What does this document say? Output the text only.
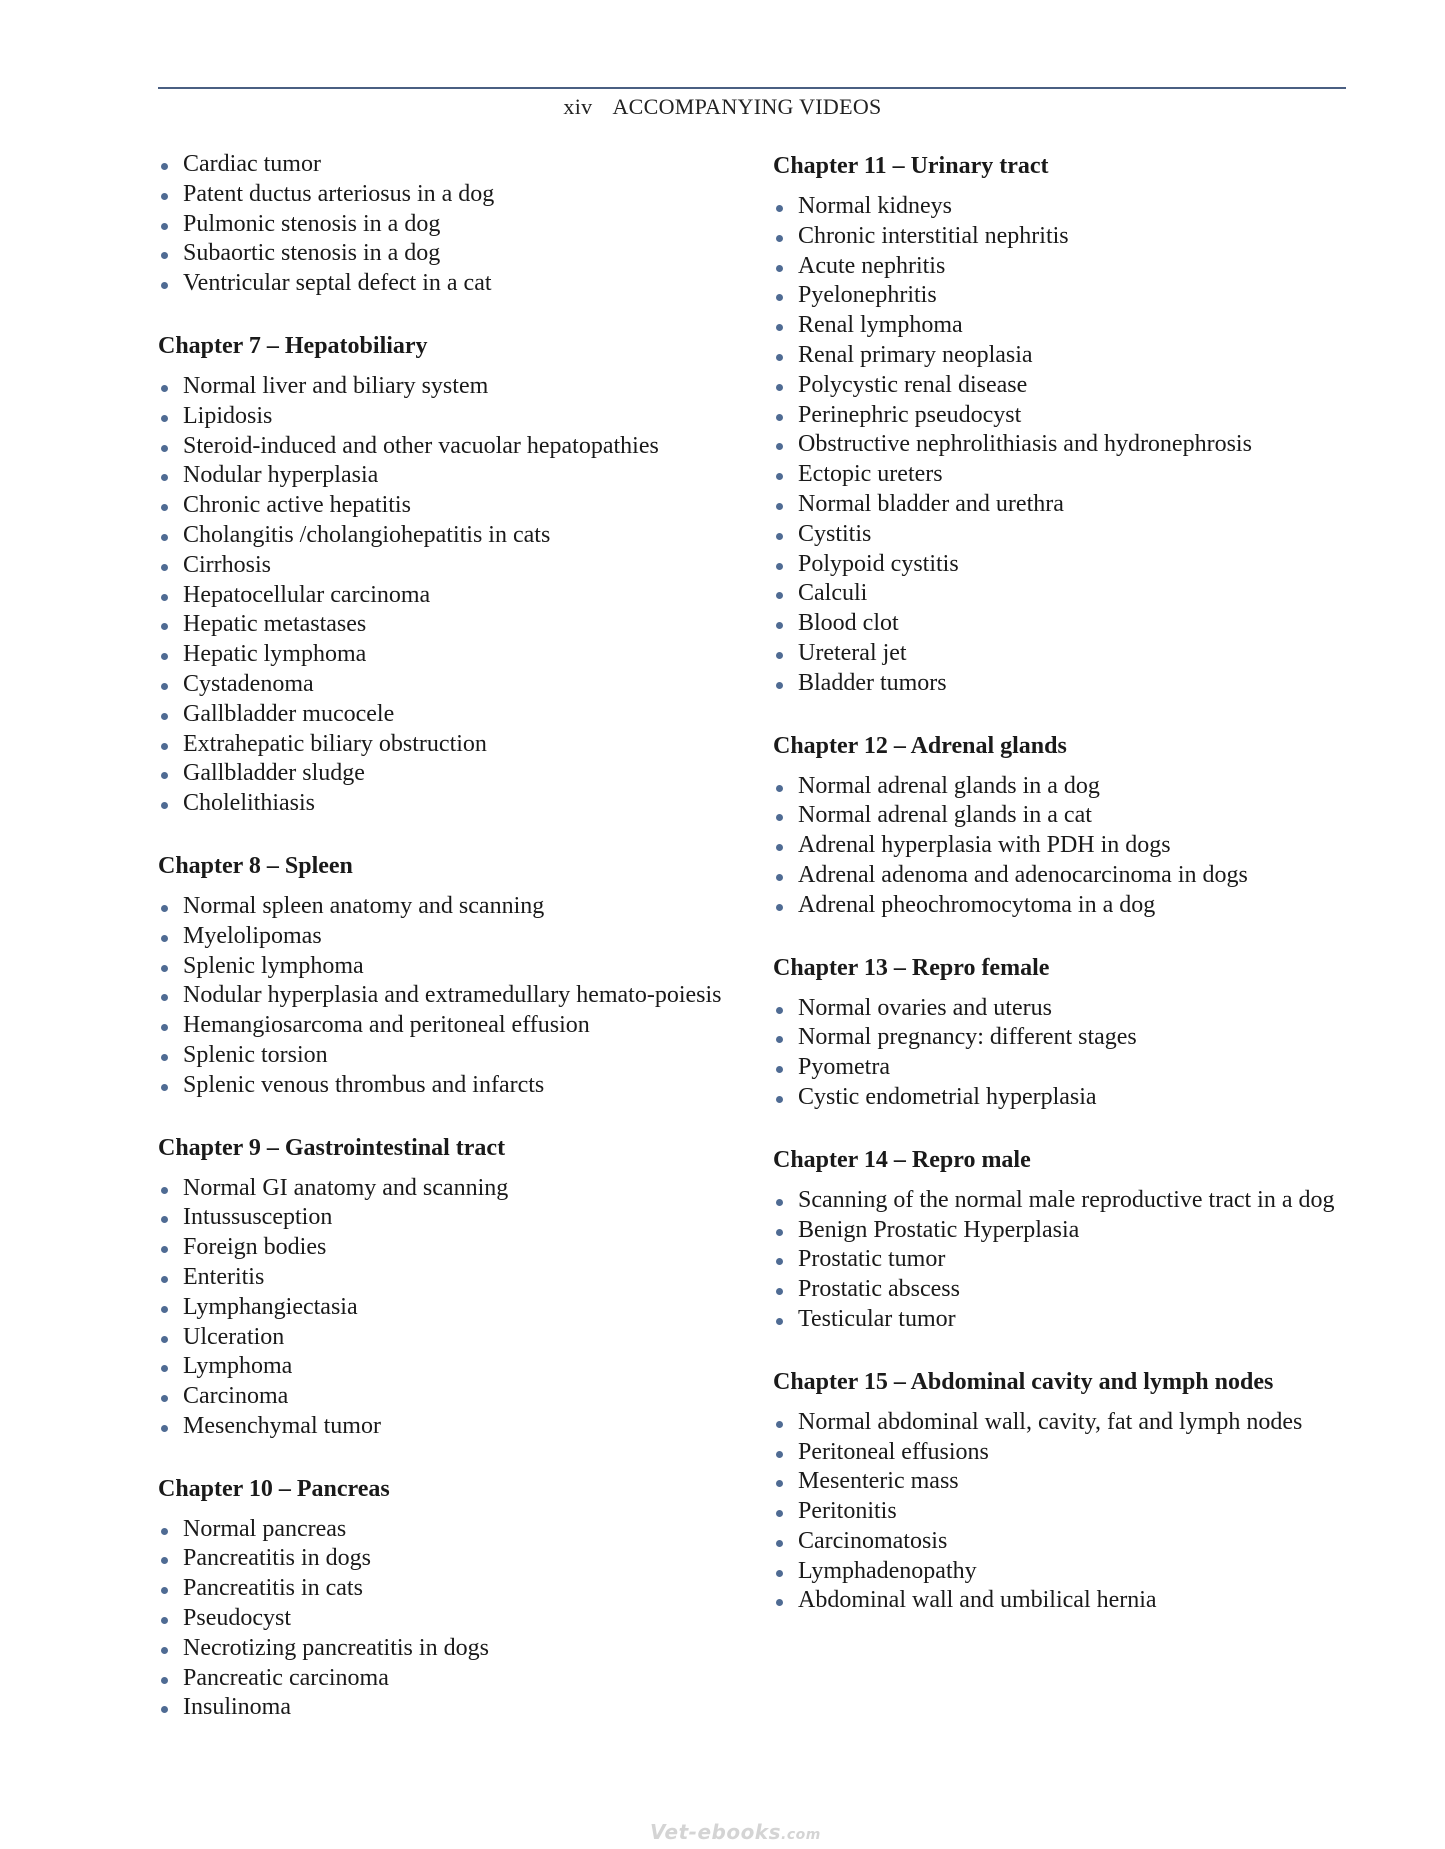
xiv ACCOMPANYING VIDEOS
Cardiac tumor
Patent ductus arteriosus in a dog
Pulmonic stenosis in a dog
Subaortic stenosis in a dog
Ventricular septal defect in a cat
Chapter 7 – Hepatobiliary
Normal liver and biliary system
Lipidosis
Steroid-induced and other vacuolar hepatopathies
Nodular hyperplasia
Chronic active hepatitis
Cholangitis /cholangiohepatitis in cats
Cirrhosis
Hepatocellular carcinoma
Hepatic metastases
Hepatic lymphoma
Cystadenoma
Gallbladder mucocele
Extrahepatic biliary obstruction
Gallbladder sludge
Cholelithiasis
Chapter 8 – Spleen
Normal spleen anatomy and scanning
Myelolipomas
Splenic lymphoma
Nodular hyperplasia and extramedullary hemato-poiesis
Hemangiosarcoma and peritoneal effusion
Splenic torsion
Splenic venous thrombus and infarcts
Chapter 9 – Gastrointestinal tract
Normal GI anatomy and scanning
Intussusception
Foreign bodies
Enteritis
Lymphangiectasia
Ulceration
Lymphoma
Carcinoma
Mesenchymal tumor
Chapter 10 – Pancreas
Normal pancreas
Pancreatitis in dogs
Pancreatitis in cats
Pseudocyst
Necrotizing pancreatitis in dogs
Pancreatic carcinoma
Insulinoma
Chapter 11 – Urinary tract
Normal kidneys
Chronic interstitial nephritis
Acute nephritis
Pyelonephritis
Renal lymphoma
Renal primary neoplasia
Polycystic renal disease
Perinephric pseudocyst
Obstructive nephrolithiasis and hydronephrosis
Ectopic ureters
Normal bladder and urethra
Cystitis
Polypoid cystitis
Calculi
Blood clot
Ureteral jet
Bladder tumors
Chapter 12 – Adrenal glands
Normal adrenal glands in a dog
Normal adrenal glands in a cat
Adrenal hyperplasia with PDH in dogs
Adrenal adenoma and adenocarcinoma in dogs
Adrenal pheochromocytoma in a dog
Chapter 13 – Repro female
Normal ovaries and uterus
Normal pregnancy: different stages
Pyometra
Cystic endometrial hyperplasia
Chapter 14 – Repro male
Scanning of the normal male reproductive tract in a dog
Benign Prostatic Hyperplasia
Prostatic tumor
Prostatic abscess
Testicular tumor
Chapter 15 – Abdominal cavity and lymph nodes
Normal abdominal wall, cavity, fat and lymph nodes
Peritoneal effusions
Mesenteric mass
Peritonitis
Carcinomatosis
Lymphadenopathy
Abdominal wall and umbilical hernia
Vet-ebooks.com
